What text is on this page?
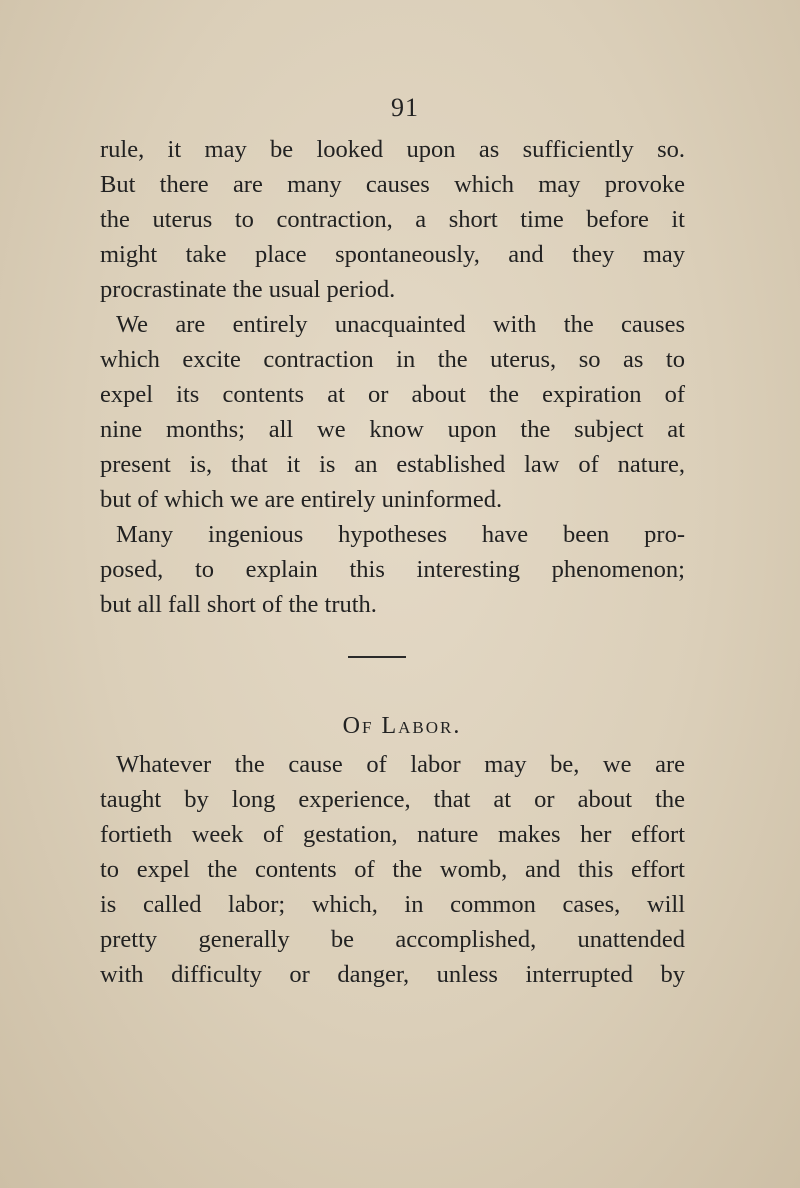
91
rule, it may be looked upon as sufficiently so.
But there are many causes which may provoke
the uterus to contraction, a short time before it
might take place spontaneously, and they may
procrastinate the usual period.
We are entirely unacquainted with the causes
which excite contraction in the uterus, so as to
expel its contents at or about the expiration of
nine months; all we know upon the subject at
present is, that it is an established law of nature,
but of which we are entirely uninformed.
Many ingenious hypotheses have been pro-
posed, to explain this interesting phenomenon;
but all fall short of the truth.
Of Labor.
Whatever the cause of labor may be, we are
taught by long experience, that at or about the
fortieth week of gestation, nature makes her effort
to expel the contents of the womb, and this effort
is called labor; which, in common cases, will
pretty generally be accomplished, unattended
with difficulty or danger, unless interrupted by
